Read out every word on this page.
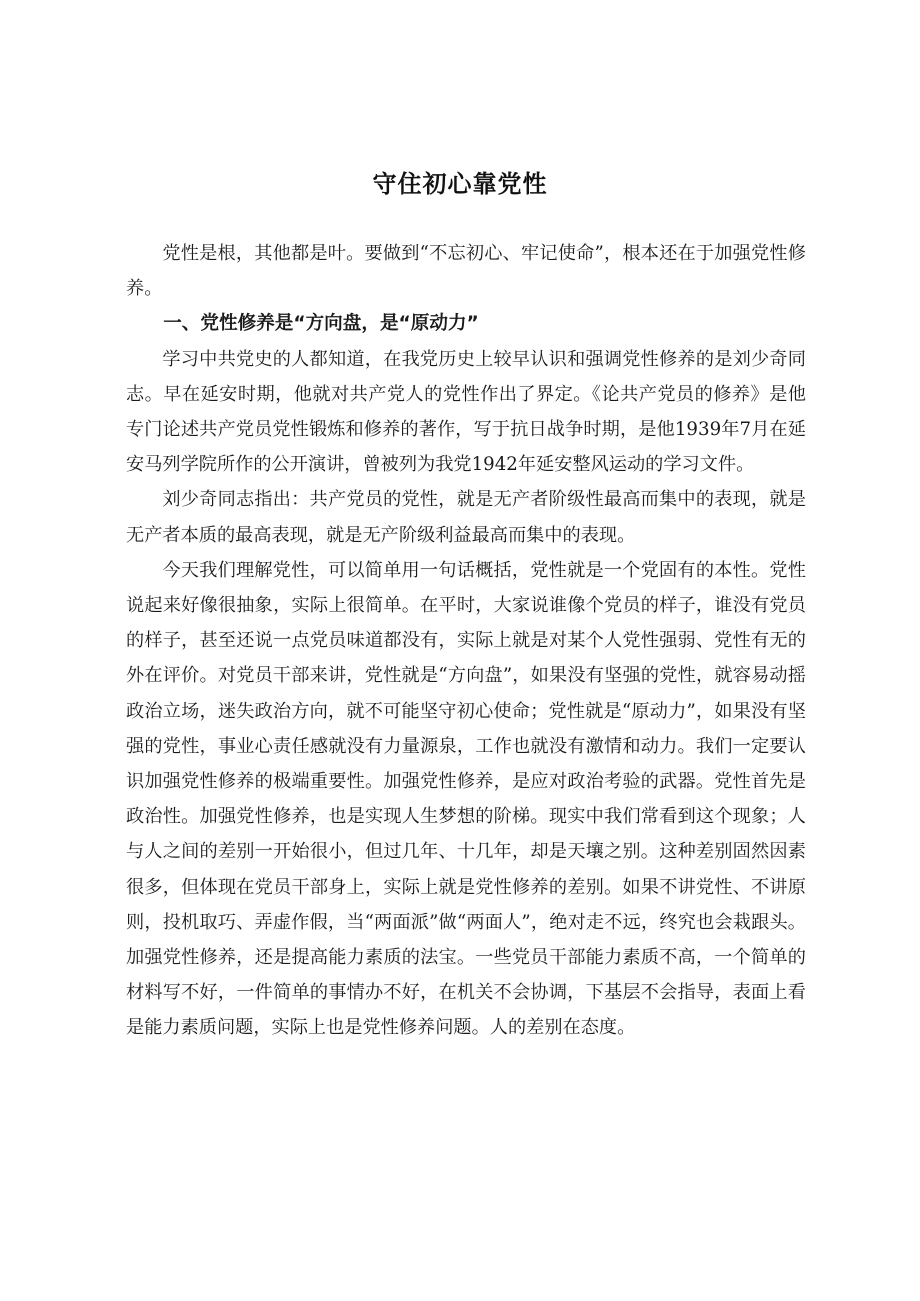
守住初心靠党性

党性是根，其他都是叶。要做到“不忘初心、牢记使命”，根本还在于加强党性修养。

一、党性修养是“方向盘，是“原动力”

学习中共党史的人都知道，在我党历史上较早认识和强调党性修养的是刘少奇同志。早在延安时期，他就对共产党人的党性作出了界定。《论共产党员的修养》是他专门论述共产党员党性锻炼和修养的著作，写于抗日战争时期，是他1939年7月在延安马列学院所作的公开演讲，曾被列为我党1942年延安整风运动的学习文件。

刘少奇同志指出：共产党员的党性，就是无产者阶级性最高而集中的表现，就是无产者本质的最高表现，就是无产阶级利益最高而集中的表现。

今天我们理解党性，可以简单用一句话概括，党性就是一个党固有的本性。党性说起来好像很抽象，实际上很简单。在平时，大家说谁像个党员的样子，谁没有党员的样子，甚至还说一点党员味道都没有，实际上就是对某个人党性强弱、党性有无的外在评价。对党员干部来讲，党性就是“方向盘”，如果没有坚强的党性，就容易动摇政治立场，迷失政治方向，就不可能坚守初心使命；党性就是“原动力”，如果没有坚强的党性，事业心责任感就没有力量源泉，工作也就没有激情和动力。我们一定要认识加强党性修养的极端重要性。加强党性修养，是应对政治考验的武器。党性首先是政治性。加强党性修养，也是实现人生梦想的阶梯。现实中我们常看到这个现象；人与人之间的差别一开始很小，但过几年、十几年，却是天壤之别。这种差别固然因素很多，但体现在党员干部身上，实际上就是党性修养的差别。如果不讲党性、不讲原则，投机取巧、弄虚作假，当“两面派”做“两面人”，绝对走不远，终究也会栽跟头。加强党性修养，还是提高能力素质的法宝。一些党员干部能力素质不高，一个简单的材料写不好，一件简单的事情办不好，在机关不会协调，下基层不会指导，表面上看是能力素质问题，实际上也是党性修养问题。人的差别在态度。
